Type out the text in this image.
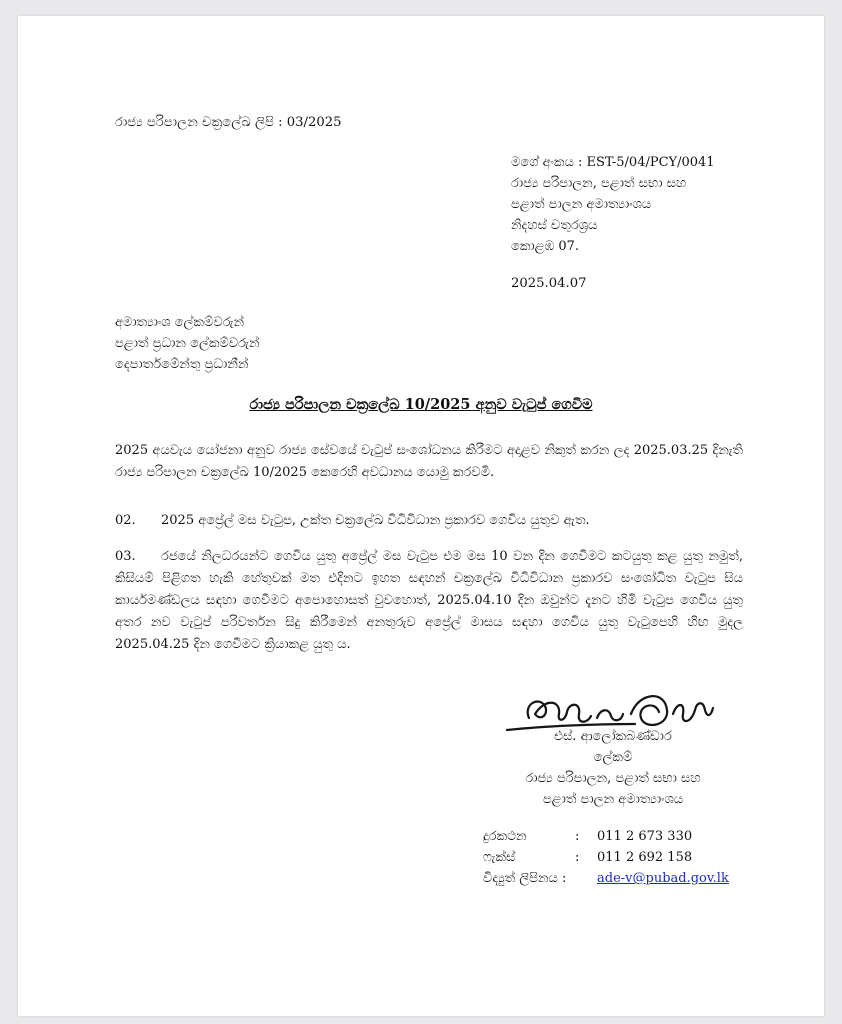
රාජ්‍ය පරිපාලන චක්‍රලේඛ ලිපි : 03/2025
මගේ අංකය : EST-5/04/PCY/0041
රාජ්‍ය පරිපාලන, පළාත් සභා සහ
පළාත් පාලන අමාත්‍යාංශය
නිදහස් චතුරශ්‍රය
කොළඹ 07.
2025.04.07
අමාත්‍යාංශ ලේකම්වරුන්
පළාත් ප්‍රධාන ලේකම්වරුන්
දෙපාර්තමේන්තු ප්‍රධානීන්
රාජ්‍ය පරිපාලන චක්‍රලේඛ 10/2025 අනුව වැටුප් ගෙවීම
2025 අයවැය යෝජනා අනුව රාජ්‍ය සේවයේ වැටුප් සංශෝධනය කිරීමට අදාළව නිකුත් කරන ලද 2025.03.25 දිනැති රාජ්‍ය පරිපාලන චක්‍රලේඛ 10/2025 කෙරෙහි අවධානය යොමු කරවමි.
02. 2025 අප්‍රේල් මස වැටුප, උක්ත චක්‍රලේඛ විධිවිධාන ප්‍රකාරව ගෙවිය යුතුව ඇත.
03. රජයේ නිලධරයන්ට ගෙවිය යුතු අප්‍රේල් මස වැටුප එම මස 10 වන දින ගෙවීමට කටයුතු කළ යුතු නමුත්, කිසියම් පිළිගත හැකි හේතුවක් මත එදිනට ඉහත සඳහන් චක්‍රලේඛ විධිවිධාන ප්‍රකාරව සංශෝධිත වැටුප සිය කාර්යමණ්ඩලය සඳහා ගෙවීමට අපොහොසත් වුවහොත්, 2025.04.10 දින ඔවුන්ට දැනට හිමි වැටුප ගෙවිය යුතු අතර නව වැටුප් පරිවර්තන සිදු කිරීමෙන් අනතුරුව අප්‍රේල් මාසය සඳහා ගෙවිය යුතු වැටුපෙහි හිඟ මුදල 2025.04.25 දින ගෙවීමට ක්‍රියාකළ යුතු ය.
එස්. ආලෝකබණ්ඩාර
ලේකම්
රාජ්‍ය පරිපාලන, පළාත් සභා සහ
පළාත් පාලන අමාත්‍යාංශය
දුරකථන	: 011 2 673 330
ෆැක්ස්	: 011 2 692 158
විද්‍යුත් ලිපිනය : ade-v@pubad.gov.lk
